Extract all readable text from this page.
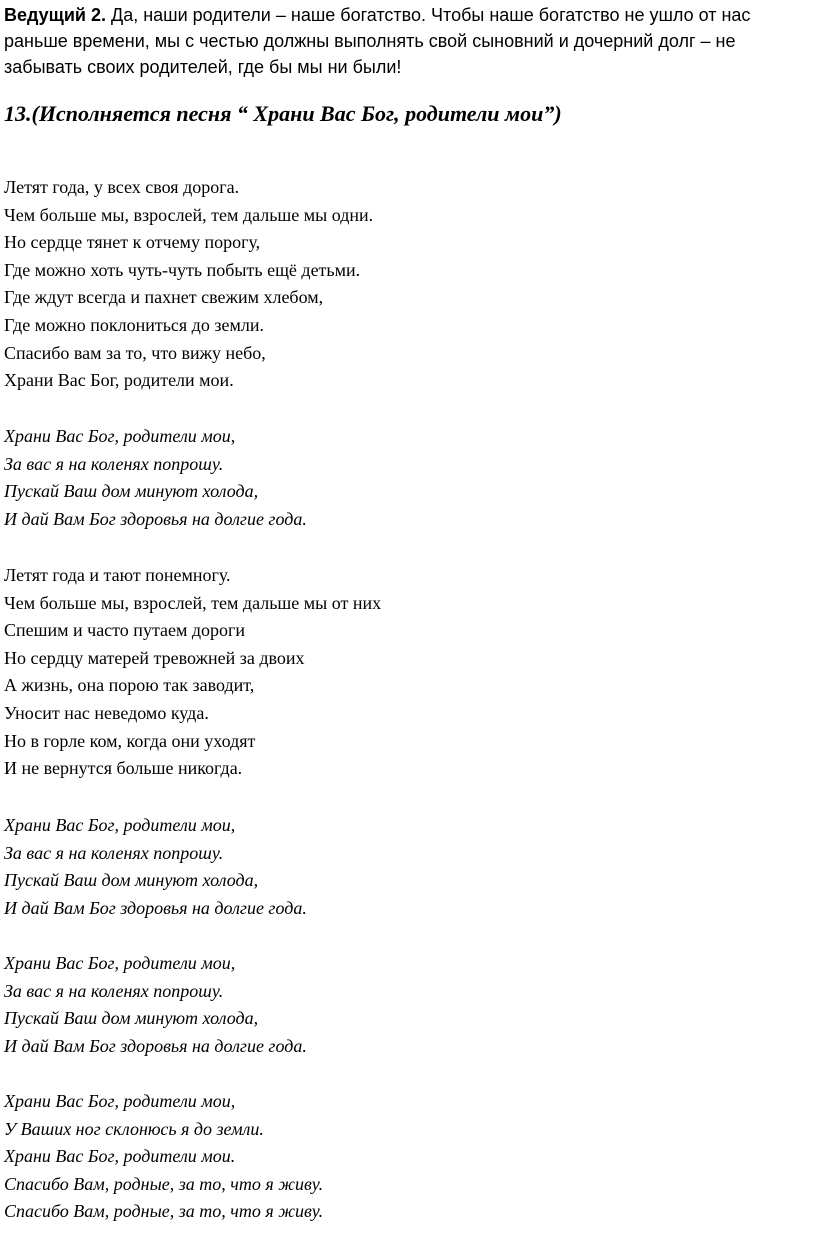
Ведущий 2. Да, наши родители – наше богатство. Чтобы наше богатство не ушло от нас
раньше времени, мы с честью должны выполнять свой сыновний и дочерний долг – не
забывать своих родителей, где бы мы ни были!

13.(Исполняется песня “ Храни Вас Бог, родители мои”)

Летят года, у всех своя дорога.
Чем больше мы, взрослей, тем дальше мы одни.
Но сердце тянет к отчему порогу,
Где можно хоть чуть-чуть побыть ещё детьми.
Где ждут всегда и пахнет свежим хлебом,
Где можно поклониться до земли.
Спасибо вам за то, что вижу небо,
Храни Вас Бог, родители мои.
Храни Вас Бог, родители мои,
За вас я на коленях попрошу.
Пускай Ваш дом минуют холода,
И дай Вам Бог здоровья на долгие года.
Летят года и тают понемногу.
Чем больше мы, взрослей, тем дальше мы от них
Спешим и часто путаем дороги
Но сердцу матерей тревожней за двоих
А жизнь, она порою так заводит,
Уносит нас неведомо куда.
Но в горле ком, когда они уходят
И не вернутся больше никогда.
Храни Вас Бог, родители мои,
За вас я на коленях попрошу.
Пускай Ваш дом минуют холода,
И дай Вам Бог здоровья на долгие года.
Храни Вас Бог, родители мои,
За вас я на коленях попрошу.
Пускай Ваш дом минуют холода,
И дай Вам Бог здоровья на долгие года.
Храни Вас Бог, родители мои,
У Ваших ног склонюсь я до земли.
Храни Вас Бог, родители мои.
Спасибо Вам, родные, за то, что я живу.
Спасибо Вам, родные, за то, что я живу.
